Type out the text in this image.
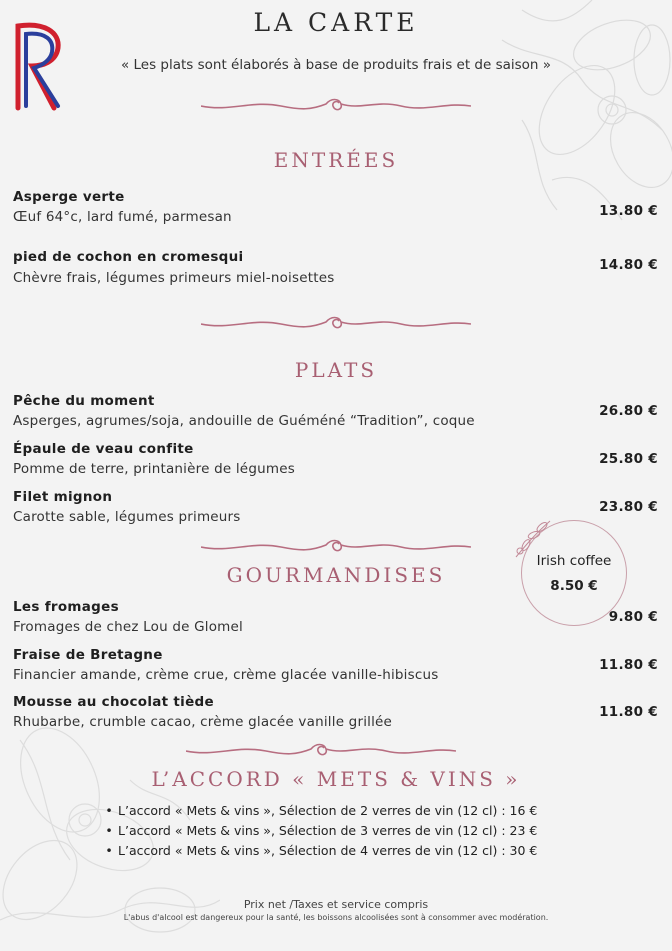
LA CARTE
« Les plats sont élaborés à base de produits frais et de saison »
ENTRÉES
Asperge verte
Œuf 64°c, lard fumé, parmesan	13.80 €
pied de cochon en cromesqui
Chèvre frais, légumes primeurs miel-noisettes
14.80 €
PLATS
Pêche du moment
Asperges, agrumes/soja, andouille de Guéméné “Tradition”, coque
26.80 €
Épaule de veau confite
Pomme de terre, printanière de légumes
25.80 €
Filet mignon
Carotte sable, légumes primeurs
23.80 €
Irish coffee
8.50 €
GOURMANDISES
Les fromages
Fromages de chez Lou de Glomel
9.80 €
Fraise de Bretagne
Financier amande, crème crue, crème glacée vanille-hibiscus
11.80 €
Mousse au chocolat tiède
Rhubarbe, crumble cacao, crème glacée vanille grillée
11.80 €
L’ACCORD « METS & VINS »
• L’accord « Mets & vins », Sélection de 2 verres de vin (12 cl) : 16 €
• L’accord « Mets & vins », Sélection de 3 verres de vin (12 cl) : 23 €
• L’accord « Mets & vins », Sélection de 4 verres de vin (12 cl) : 30 €
Prix net /Taxes et service compris
L'abus d'alcool est dangereux pour la santé, les boissons alcoolisées sont à consommer avec modération.
